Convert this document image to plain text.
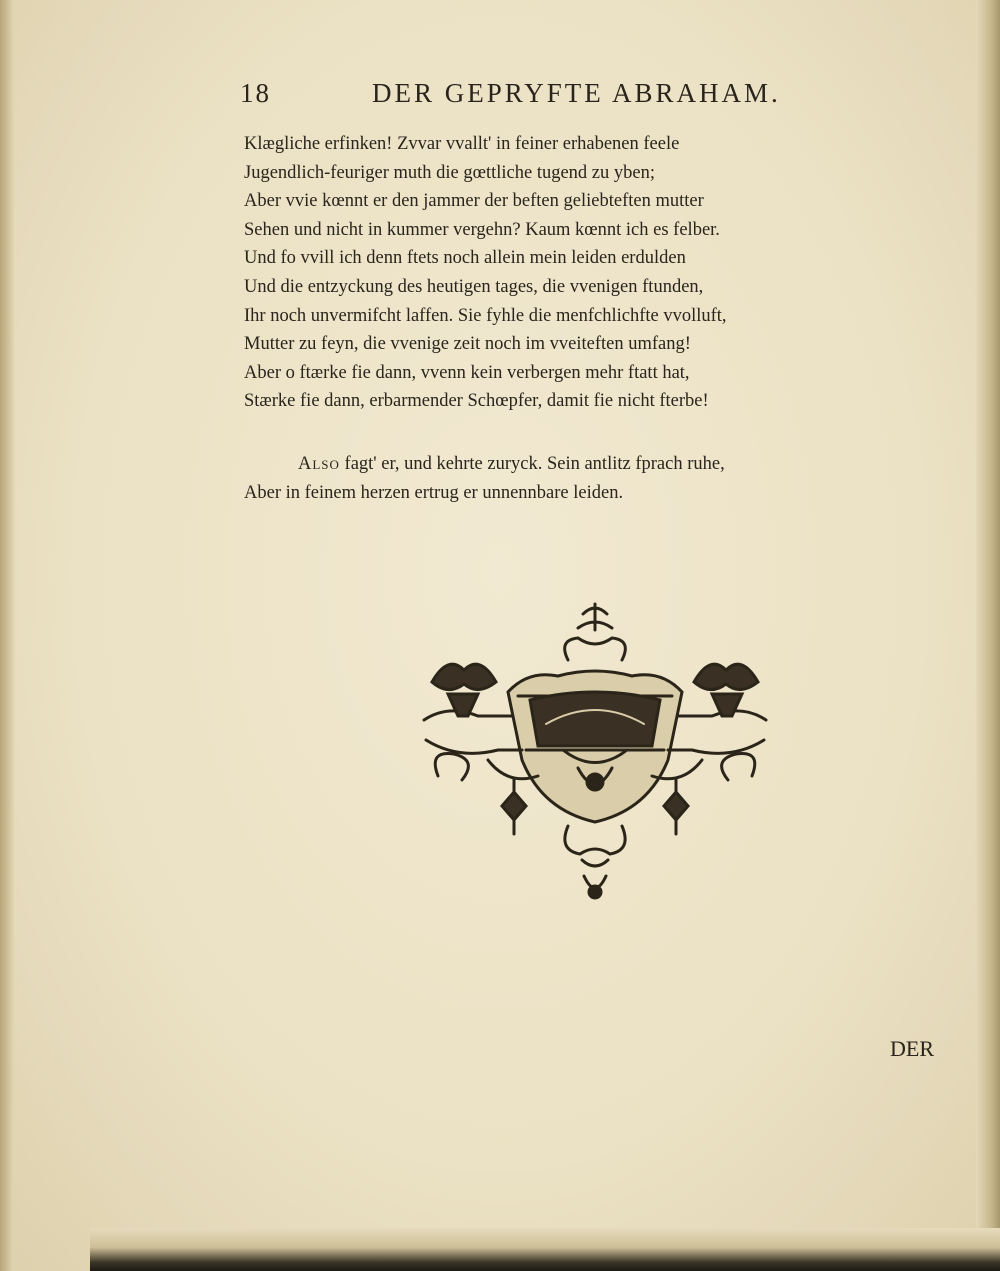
18	DER GEPRYFTE ABRAHAM.
Klægliche erfinken! Zvvar vvallt' in feiner erhabenen feele
Jugendlich-feuriger muth die gœttliche tugend zu yben;
Aber vvie kœnnt er den jammer der beften geliebteften mutter
Sehen und nicht in kummer vergehn? Kaum kœnnt ich es felber.
Und fo vvill ich denn ftets noch allein mein leiden erdulden
Und die entzyckung des heutigen tages, die vvenigen ftunden,
Ihr noch unvermifcht laffen. Sie fyhle die menfchlichfte vvolluft,
Mutter zu feyn, die vvenige zeit noch im vveiteften umfang!
Aber o ftærke fie dann, vvenn kein verbergen mehr ftatt hat,
Stærke fie dann, erbarmender Schœpfer, damit fie nicht fterbe!
Also fagt' er, und kehrte zuryck. Sein antlitz fprach ruhe,
Aber in feinem herzen ertrug er unnennbare leiden.
DER
